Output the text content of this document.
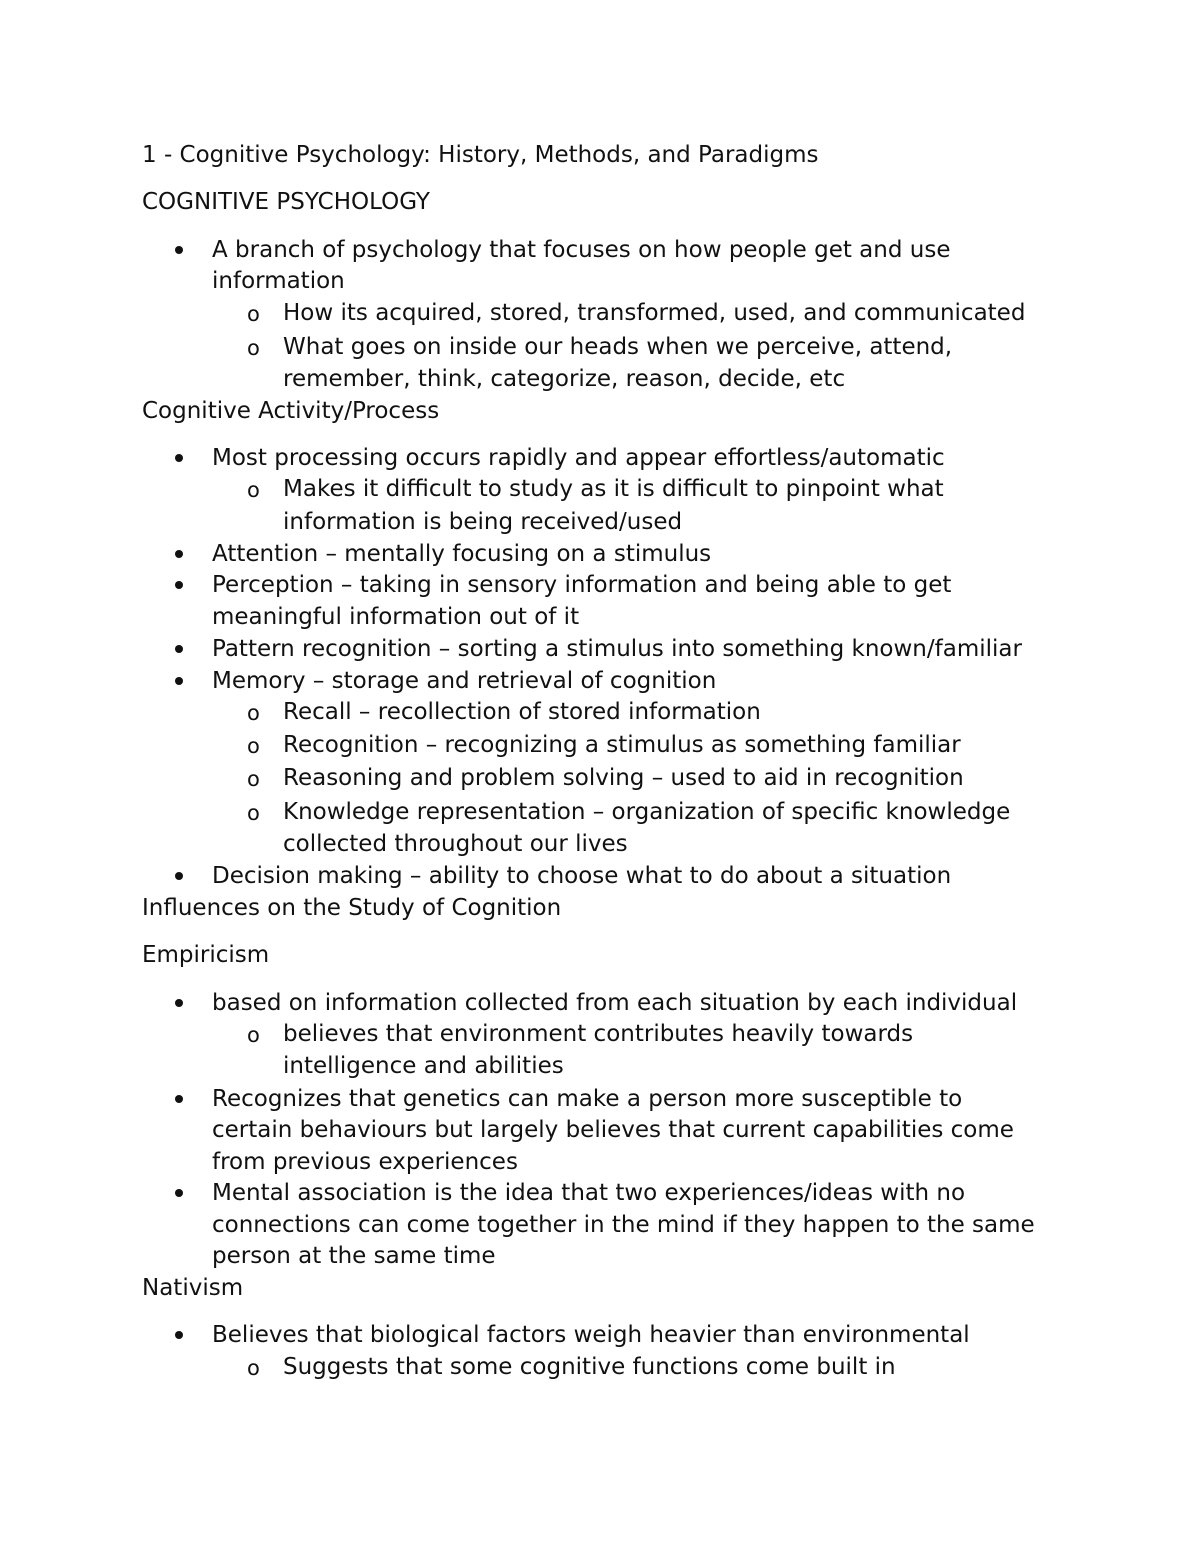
1 - Cognitive Psychology: History, Methods, and Paradigms
COGNITIVE PSYCHOLOGY
A branch of psychology that focuses on how people get and use
information
o How its acquired, stored, transformed, used, and communicated
o What goes on inside our heads when we perceive, attend,
remember, think, categorize, reason, decide, etc
Cognitive Activity/Process
Most processing occurs rapidly and appear effortless/automatic
o Makes it difficult to study as it is difficult to pinpoint what
information is being received/used
Attention – mentally focusing on a stimulus
Perception – taking in sensory information and being able to get
meaningful information out of it
Pattern recognition – sorting a stimulus into something known/familiar
Memory – storage and retrieval of cognition
o Recall – recollection of stored information
o Recognition – recognizing a stimulus as something familiar
o Reasoning and problem solving – used to aid in recognition
o Knowledge representation – organization of specific knowledge
collected throughout our lives
Decision making – ability to choose what to do about a situation
Influences on the Study of Cognition
Empiricism
based on information collected from each situation by each individual
o believes that environment contributes heavily towards
intelligence and abilities
Recognizes that genetics can make a person more susceptible to
certain behaviours but largely believes that current capabilities come
from previous experiences
Mental association is the idea that two experiences/ideas with no
connections can come together in the mind if they happen to the same
person at the same time
Nativism
Believes that biological factors weigh heavier than environmental
o Suggests that some cognitive functions come built in
